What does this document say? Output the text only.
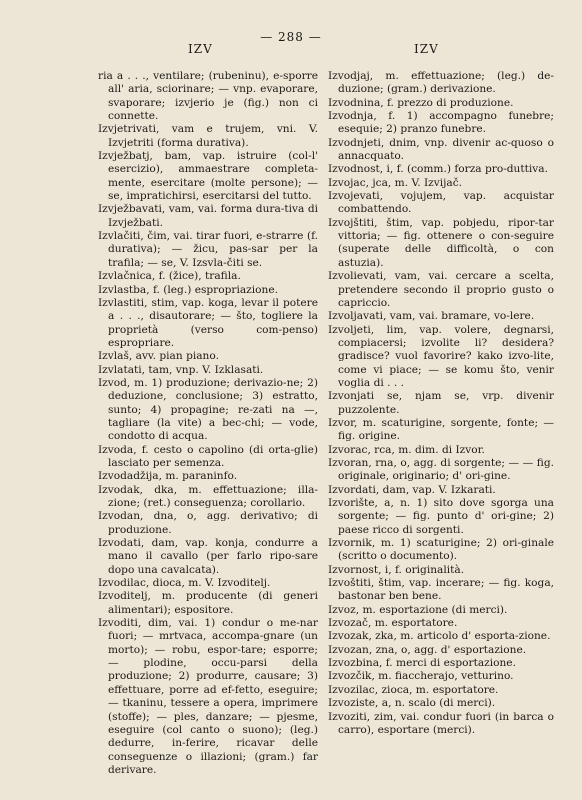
— 288 —
IZV	IZV

ria a . . ., ventilare; (rubeninu), e-sporre all' aria, sciorinare; — vnp. evaporare, svaporare; izvjerio je (fig.) non ci connette.

Izvjetrivati, vam e trujem, vni. V. Izvjetriti (forma durativa).

Izvježbatj, bam, vap. istruire (col-l' esercizio), ammaestrare completa-mente, esercitare (molte persone); — se, impratichirsi, esercitarsi del tutto.

Izvježbavati, vam, vai. forma dura-tiva di Izvježbati.

Izvlačiti, čim, vai. tirar fuori, e-strarre (f. durativa); — žicu, pas-sar per la trafila; — se, V. Izsvla-čiti se.

Izvlačnica, f. (žice), trafila.

Izvlastba, f. (leg.) espropriazione.

Izvlastiti, stim, vap. koga, levar il potere a . . ., disautorare; — što, togliere la proprietà (verso com-penso) espropriare.

Izvlaš, avv. pian piano.

Izvlatati, tam, vnp. V. Izklasati.

Izvod, m. 1) produzione; derivazio-ne; 2) deduzione, conclusione; 3) estratto, sunto; 4) propagine; re-zati na —, tagliare (la vite) a bec-chi; — vode, condotto di acqua.

Izvoda, f. cesto o capolino (di orta-glie) lasciato per semenza.

Izvodadžija, m. paraninfo.

Izvodak, dka, m. effettuazione; illa-zione; (ret.) conseguenza; corollario.

Izvodan, dna, o, agg. derivativo; di produzione.

Izvodati, dam, vap. konja, condurre a mano il cavallo (per farlo ripo-sare dopo una cavalcata).

Izvodilac, dioca, m. V. Izvoditelj.

Izvoditelj, m. producente (di generi alimentari); espositore.

Izvoditi, dim, vai. 1) condur o me-nar fuori; — mrtvaca, accompa-gnare (un morto); — robu, espor-tare; esporre; — plodine, occu-parsi della produzione; 2) produrre, causare; 3) effettuare, porre ad ef-fetto, eseguire; — tkaninu, tessere a opera, imprimere (stoffe); — ples, danzare; — pjesme, eseguire (col canto o suono); (leg.) dedurre, in-ferire, ricavar delle conseguenze o illazioni; (gram.) far derivare.

Izvodjaj, m. effettuazione; (leg.) de-duzione; (gram.) derivazione.

Izvodnina, f. prezzo di produzione.

Izvodnja, f. 1) accompagno funebre; esequie; 2) pranzo funebre.

Izvodnjeti, dnim, vnp. divenir ac-quoso o annacquato.

Izvodnost, i, f. (comm.) forza pro-duttiva.

Izvojac, jca, m. V. Izvijač.

Izvojevati, vojujem, vap. acquistar combattendo.

Izvojštiti, štim, vap. pobjedu, ripor-tar vittoria; — fig. ottenere o con-seguire (superate delle difficoltà, o con astuzia).

Izvolievati, vam, vai. cercare a scelta, pretendere secondo il proprio gusto o capriccio.

Izvoljavati, vam, vai. bramare, vo-lere.

Izvoljeti, lim, vap. volere, degnarsi, compiacersi; izvolite li? desidera? gradisce? vuol favorire? kako izvo-lite, come vi piace; — se komu što, venir voglia di . . .

Izvonjati se, njam se, vrp. divenir puzzolente.

Izvor, m. scaturigine, sorgente, fonte; — fig. origine.

Izvorac, rca, m. dim. di Izvor.

Izvoran, rna, o, agg. di sorgente; — — fig. originale, originario; d' ori-gine.

Izvordati, dam, vap. V. Izkarati.

Izvorište, a, n. 1) sito dove sgorga una sorgente; — fig. punto d' ori-gine; 2) paese ricco di sorgenti.

Izvornik, m. 1) scaturigine; 2) ori-ginale (scritto o documento).

Izvornost, i, f. originalità.

Izvoštiti, štim, vap. incerare; — fig. koga, bastonar ben bene.

Izvoz, m. esportazione (di merci).

Izvozač, m. esportatore.

Izvozak, zka, m. articolo d' esporta-zione.

Izvozan, zna, o, agg. d' esportazione.

Izvozbina, f. merci di esportazione.

Izvozčik, m. fiaccherajo, vetturino.

Izvozilac, zioca, m. esportatore.

Izvoziste, a, n. scalo (di merci).

Izvoziti, zim, vai. condur fuori (in barca o carro), esportare (merci).
